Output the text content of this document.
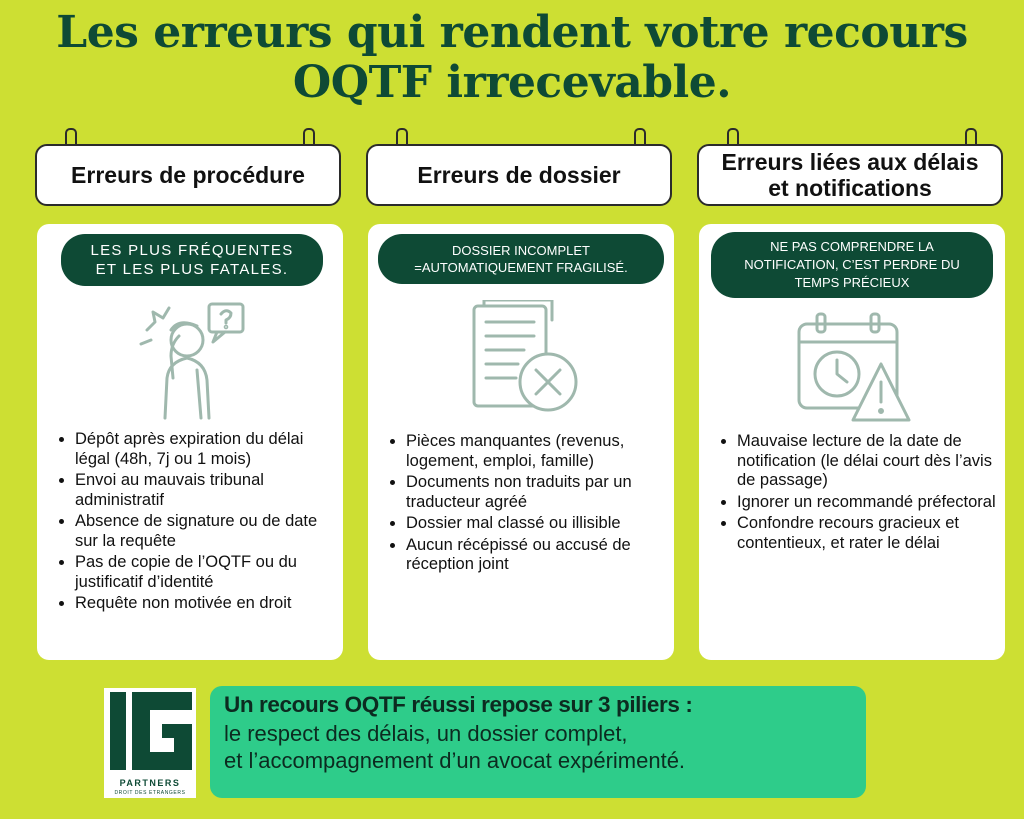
Les erreurs qui rendent votre recours
OQTF irrecevable.
Erreurs de procédure
LES PLUS FRÉQUENTES
ET LES PLUS FATALES.
• Dépôt après expiration du délai légal (48h, 7j ou 1 mois)
• Envoi au mauvais tribunal administratif
• Absence de signature ou de date sur la requête
• Pas de copie de l’OQTF ou du justificatif d’identité
• Requête non motivée en droit
Erreurs de dossier
DOSSIER INCOMPLET
=AUTOMATIQUEMENT FRAGILISÉ.
• Pièces manquantes (revenus, logement, emploi, famille)
• Documents non traduits par un traducteur agréé
• Dossier mal classé ou illisible
• Aucun récépissé ou accusé de réception joint
Erreurs liées aux délais
et notifications
NE PAS COMPRENDRE LA
NOTIFICATION, C’EST PERDRE DU
TEMPS PRÉCIEUX
• Mauvaise lecture de la date de notification (le délai court dès l’avis de passage)
• Ignorer un recommandé préfectoral
• Confondre recours gracieux et contentieux, et rater le délai
PARTNERS
DROIT DES ETRANGERS
Un recours OQTF réussi repose sur 3 piliers :
le respect des délais, un dossier complet,
et l’accompagnement d’un avocat expérimenté.
